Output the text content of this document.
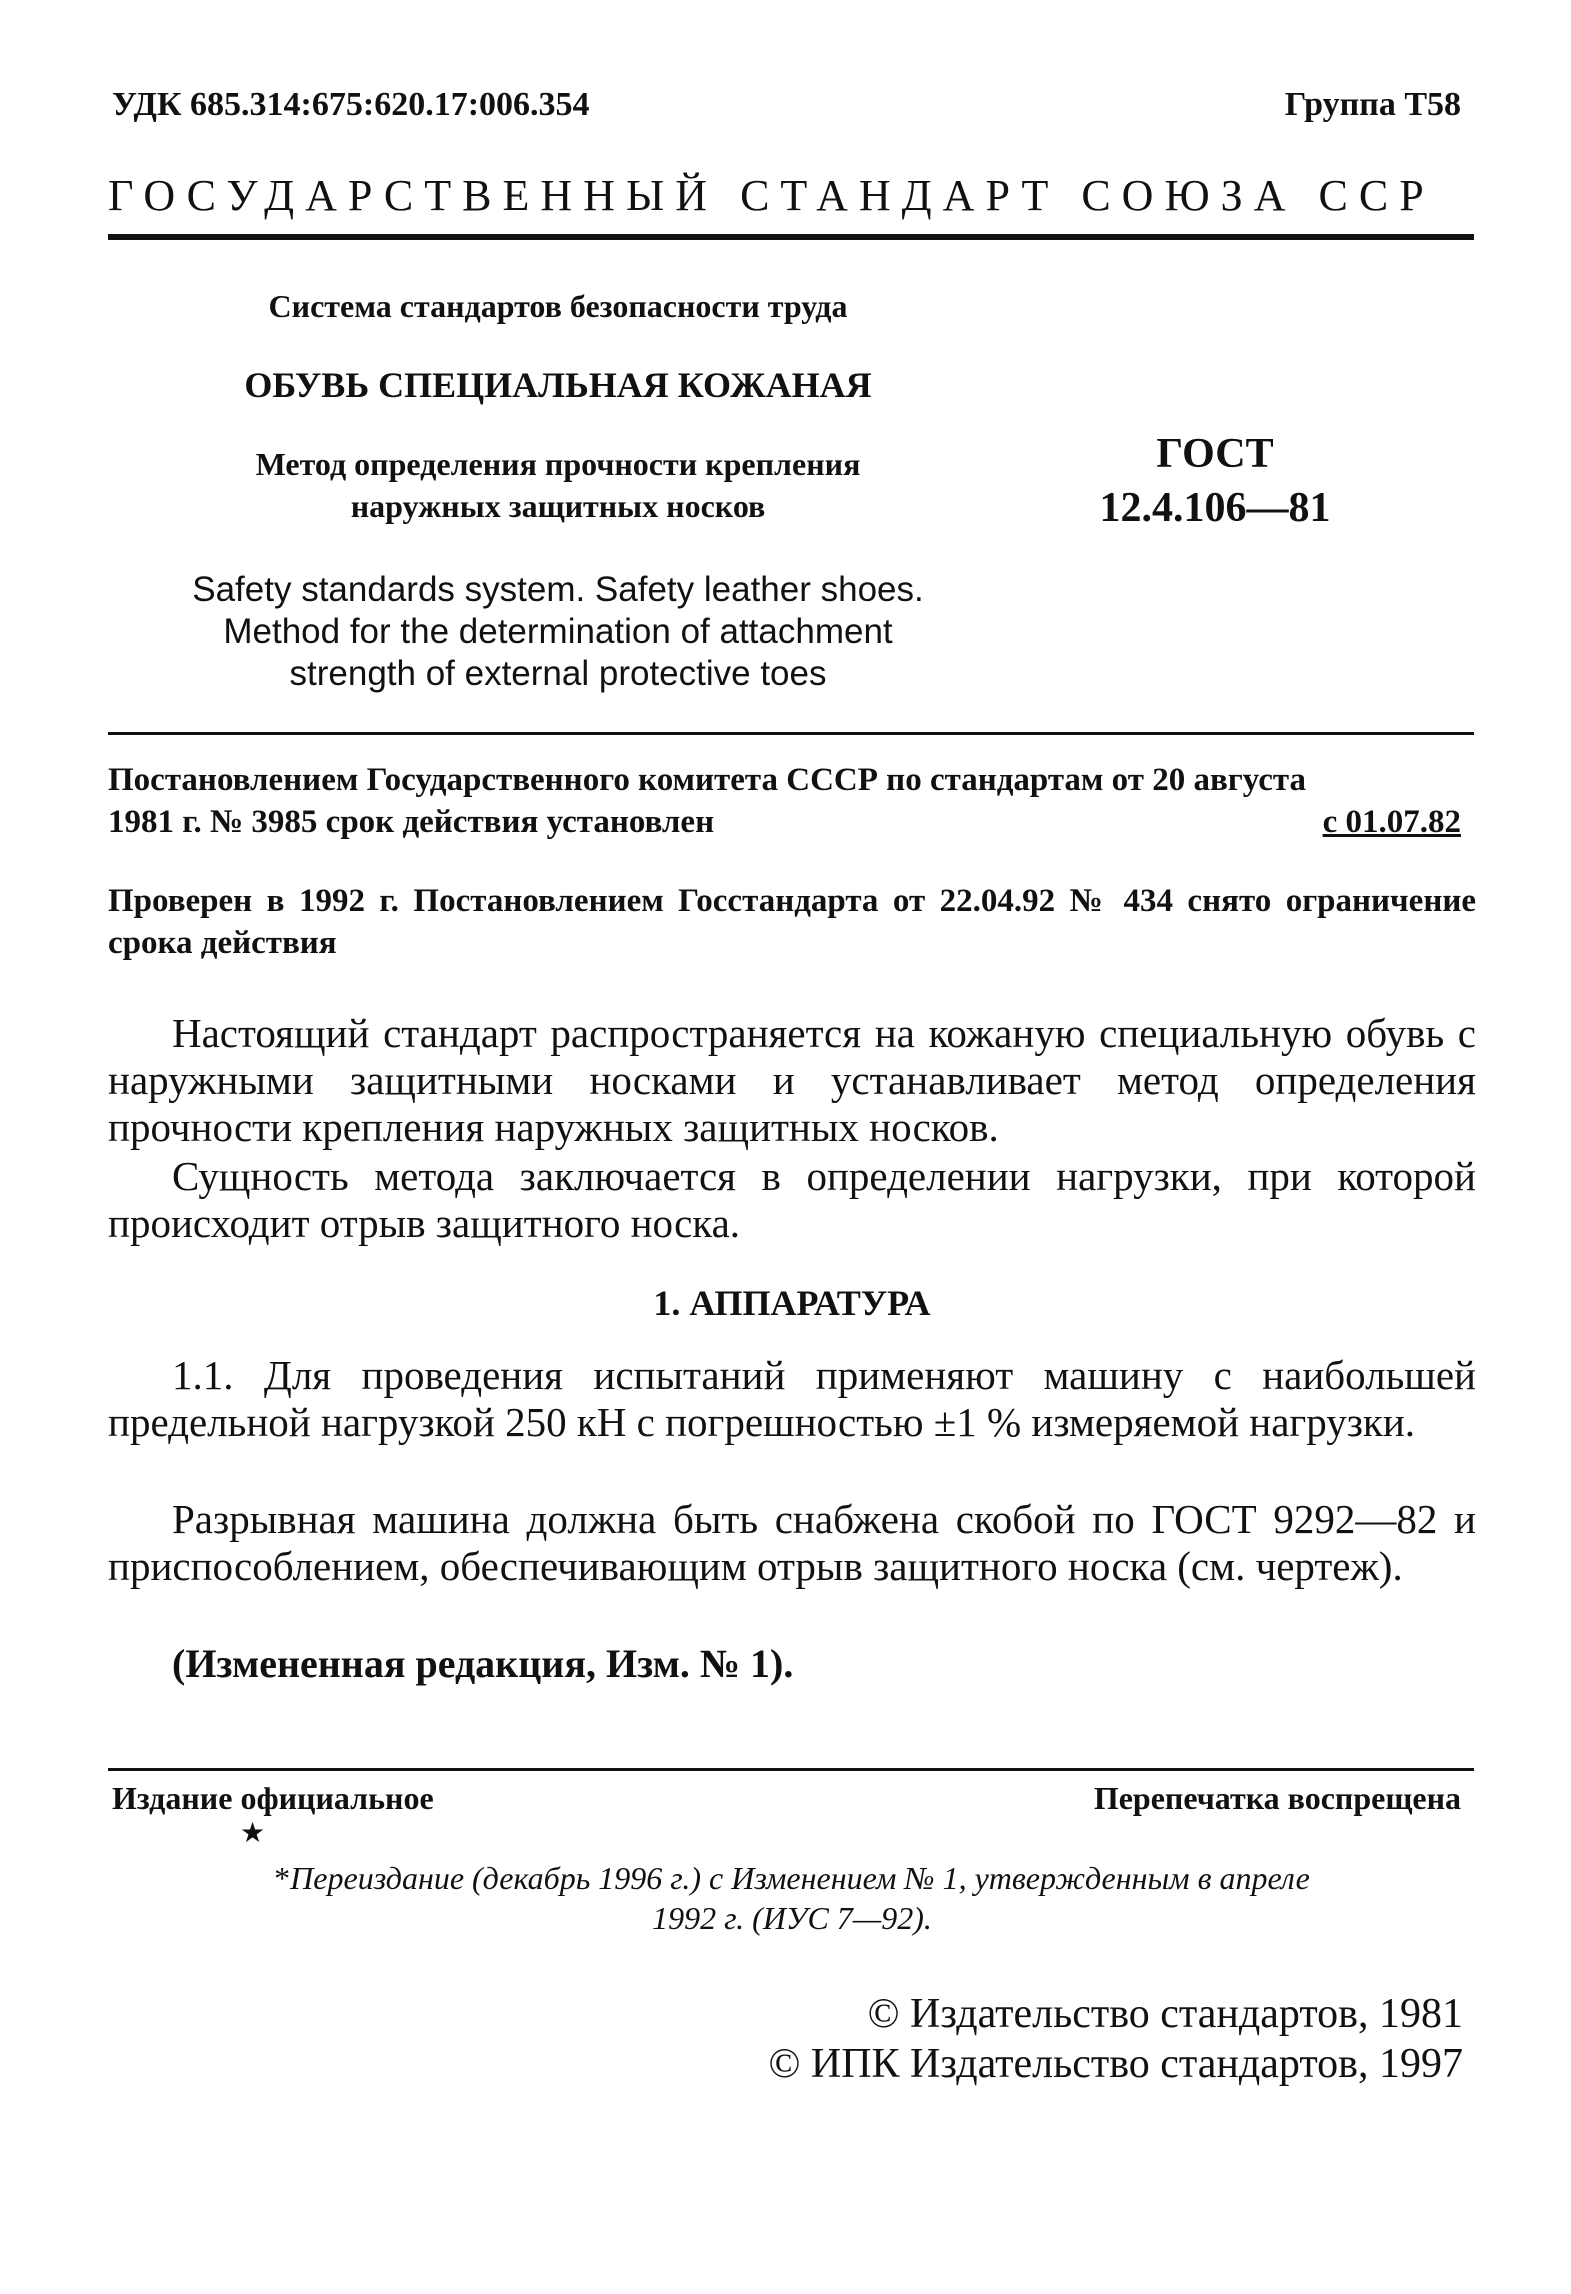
УДК 685.314:675:620.17:006.354	Группа Т58
ГОСУДАРСТВЕННЫЙ СТАНДАРТ СОЮЗА ССР
Система стандартов безопасности труда
ОБУВЬ СПЕЦИАЛЬНАЯ КОЖАНАЯ
Метод определения прочности крепления
наружных защитных носков
ГОСТ
12.4.106—81
Safety standards system. Safety leather shoes.
Method for the determination of attachment
strength of external protective toes
Постановлением Государственного комитета СССР по стандартам от 20 августа
1981 г. № 3985 срок действия установлен	с 01.07.82

Проверен в 1992 г. Постановлением Госстандарта от 22.04.92 № 434 снято ограничение срока действия

Настоящий стандарт распространяется на кожаную специальную обувь с наружными защитными носками и устанавливает метод определения прочности крепления наружных защитных носков.

Сущность метода заключается в определении нагрузки, при которой происходит отрыв защитного носка.

1. АППАРАТУРА

1.1. Для проведения испытаний применяют машину с наибольшей предельной нагрузкой 250 кН с погрешностью ±1 % измеряемой нагрузки.

Разрывная машина должна быть снабжена скобой по ГОСТ 9292—82 и приспособлением, обеспечивающим отрыв защитного носка (см. чертеж).

(Измененная редакция, Изм. № 1).
Издание официальное
★
Перепечатка воспрещена
*Переиздание (декабрь 1996 г.) с Изменением № 1, утвержденным в апреле
1992 г. (ИУС 7—92).
© Издательство стандартов, 1981
© ИПК Издательство стандартов, 1997
